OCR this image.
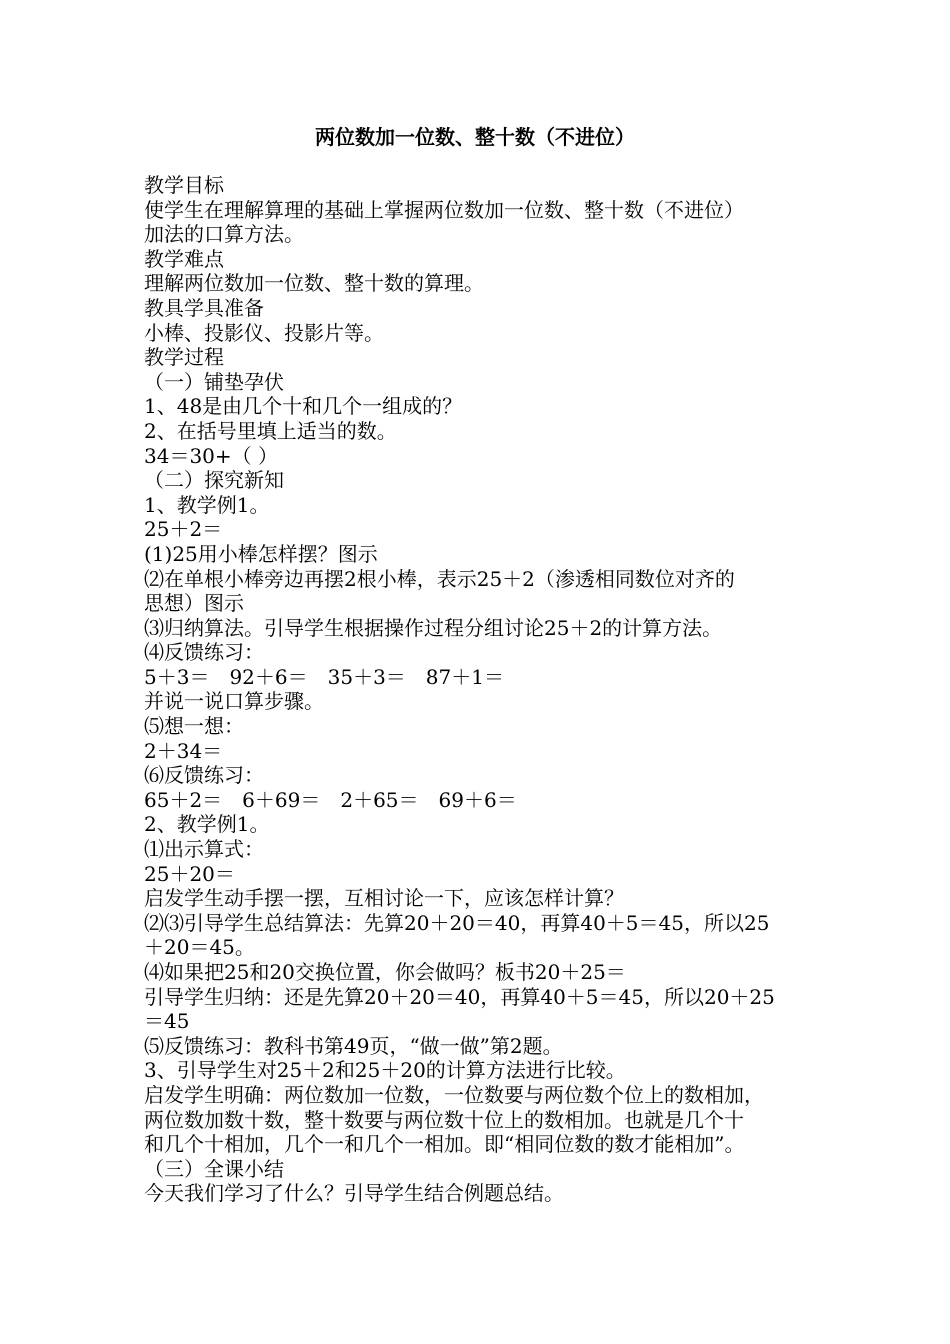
两位数加一位数、整十数（不进位）
教学目标
使学生在理解算理的基础上掌握两位数加一位数、整十数（不进位）
加法的口算方法。
教学难点
理解两位数加一位数、整十数的算理。
教具学具准备
小棒、投影仪、投影片等。
教学过程
（一）铺垫孕伏
1、48是由几个十和几个一组成的？
2、在括号里填上适当的数。
34＝30+（ ）
（二）探究新知
1、教学例1。
25＋2＝
(1)25用小棒怎样摆？图示
⑵在单根小棒旁边再摆2根小棒，表示25＋2（渗透相同数位对齐的
思想）图示
⑶归纳算法。引导学生根据操作过程分组讨论25＋2的计算方法。
⑷反馈练习：
5＋3＝　92＋6＝　35＋3＝　87＋1＝
并说一说口算步骤。
⑸想一想：
2＋34＝
⑹反馈练习：
65＋2＝　6＋69＝　2＋65＝　69＋6＝
2、教学例1。
⑴出示算式：
25＋20＝
启发学生动手摆一摆，互相讨论一下，应该怎样计算？
⑵⑶引导学生总结算法：先算20＋20＝40，再算40＋5＝45，所以25
＋20＝45。
⑷如果把25和20交换位置，你会做吗？板书20＋25＝
引导学生归纳：还是先算20＋20＝40，再算40＋5＝45，所以20＋25
＝45
⑸反馈练习：教科书第49页，“做一做”第2题。
3、引导学生对25＋2和25＋20的计算方法进行比较。
启发学生明确：两位数加一位数，一位数要与两位数个位上的数相加，
两位数加数十数，整十数要与两位数十位上的数相加。也就是几个十
和几个十相加，几个一和几个一相加。即“相同位数的数才能相加”。
（三）全课小结
今天我们学习了什么？引导学生结合例题总结。
